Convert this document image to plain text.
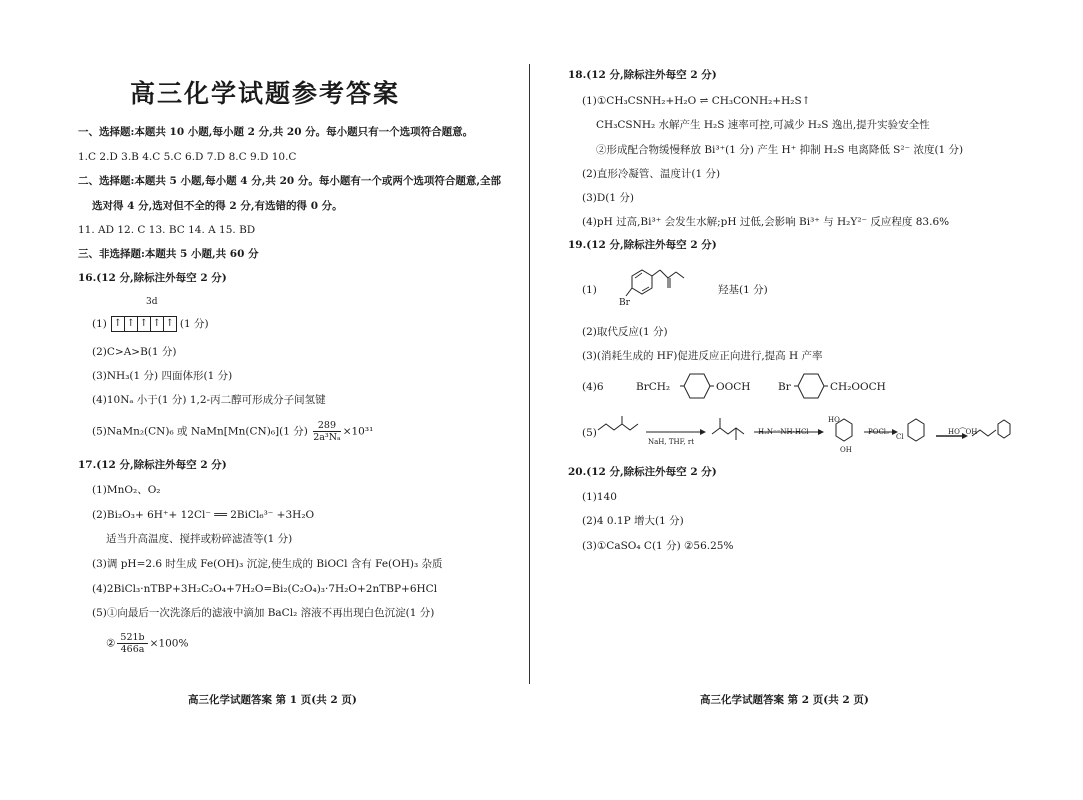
高三化学试题参考答案
一、选择题:本题共 10 小题,每小题 2 分,共 20 分。每小题只有一个选项符合题意。
1.C 2.D 3.B 4.C 5.C 6.D 7.D 8.C 9.D 10.C
二、选择题:本题共 5 小题,每小题 4 分,共 20 分。每小题有一个或两个选项符合题意,全部
选对得 4 分,选对但不全的得 2 分,有选错的得 0 分。
11. AD 12. C 13. BC 14. A 15. BD
三、非选择题:本题共 5 小题,共 60 分
16.(12 分,除标注外每空 2 分)
3d
(1) ↑ ↑ ↑ ↑ ↑ (1 分)
(2)C>A>B(1 分)
(3)NH₃(1 分) 四面体形(1 分)
(4)10Nₐ 小于(1 分) 1,2-丙二醇可形成分子间氢键
(5)NaMn₂(CN)₆ 或 NaMn[Mn(CN)₆](1 分) $\frac{289}{\text{2a³Nₐ}} \times 10^{31}$
17.(12 分,除标注外每空 2 分)
(1)MnO₂、O₂
(2)Bi₂O₃+ 6H⁺+ 12Cl⁻ ══ 2BiCl₆³⁻ +3H₂O
适当升高温度、搅拌或粉碎滤渣等(1 分)
(3)调 pH=2.6 时生成 Fe(OH)₃ 沉淀,使生成的 BiOCl 含有 Fe(OH)₃ 杂质
(4)2BiCl₃·nTBP+3H₂C₂O₄+7H₂O=Bi₂(C₂O₄)₃·7H₂O+2nTBP+6HCl
(5)①向最后一次洗涤后的滤液中滴加 BaCl₂ 溶液不再出现白色沉淀(1 分)
② $\frac{521b}{466a} \times 100\%$
高三化学试题答案 第 1 页(共 2 页)
18.(12 分,除标注外每空 2 分)
(1)①CH₃CSNH₂+H₂O ⇌ CH₃CONH₂+H₂S↑
CH₃CSNH₂ 水解产生 H₂S 速率可控,可减少 H₂S 逸出,提升实验安全性
②形成配合物缓慢释放 Bi³⁺(1 分) 产生 H⁺ 抑制 H₂S 电离降低 S²⁻ 浓度(1 分)
(2)直形冷凝管、温度计(1 分)
(3)D(1 分)
(4)pH 过高,Bi³⁺ 会发生水解;pH 过低,会影响 Bi³⁺ 与 H₂Y²⁻ 反应程度 83.6%
19.(12 分,除标注外每空 2 分)
(1)
Br
羟基(1 分)
(2)取代反应(1 分)
(3)(消耗生成的 HF)促进反应正向进行,提高 H 产率
(4)6	BrCH₂	OOCH	Br	CH₂OOCH
(5)
NaH, THF, rt
H₂N⁻⁻NH·HCl	POCl₃
HO
OH
Cl
HO⁀OH
20.(12 分,除标注外每空 2 分)
(1)140
(2)4 0.1P 增大(1 分)
(3)①CaSO₄ C(1 分) ②56.25%
高三化学试题答案 第 2 页(共 2 页)
